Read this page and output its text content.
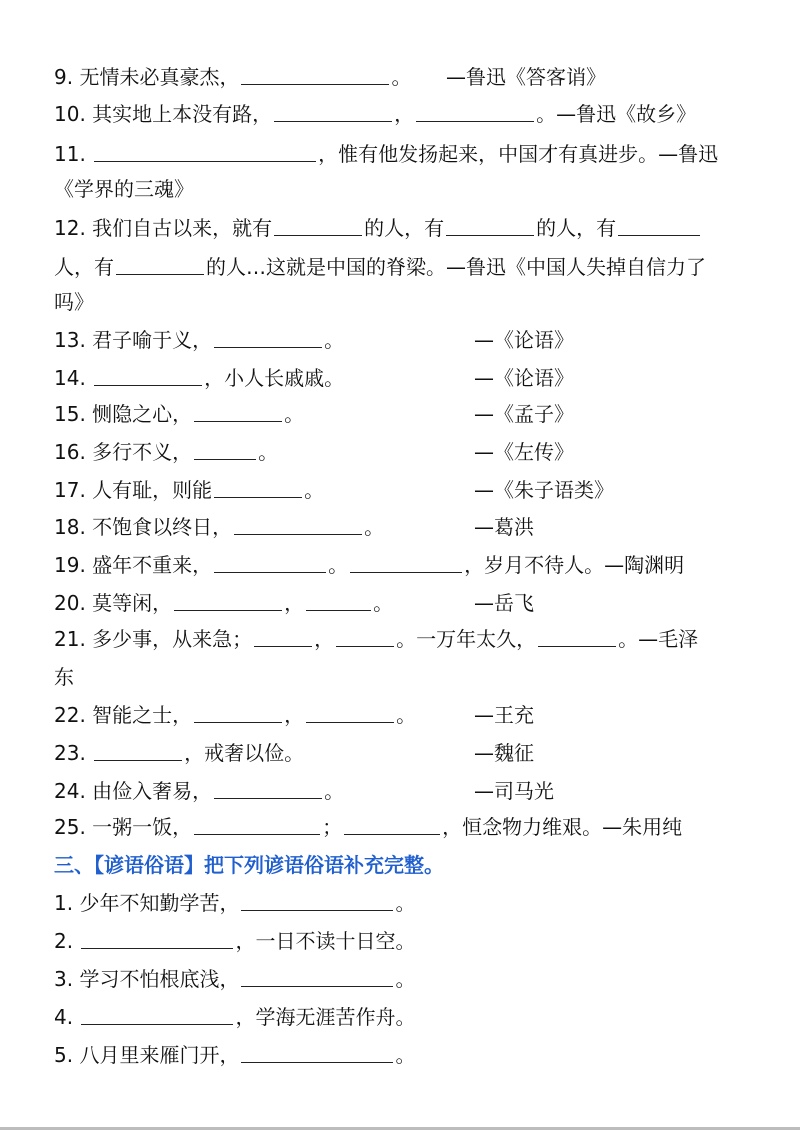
9. 无情未必真豪杰，	。 —鲁迅《答客诮》
10. 其实地上本没有路，	，	。—鲁迅《故乡》
11.	，惟有他发扬起来，中国才有真进步。—鲁迅
《学界的三魂》
12. 我们自古以来，就有	的人，有	的人，有
人，有	的人…这就是中国的脊梁。—鲁迅《中国人失掉自信力了
吗》
13. 君子喻于义，	。	—《论语》
14.	，小人长戚戚。	—《论语》
15. 恻隐之心，	。	—《孟子》
16. 多行不义，	。	—《左传》
17. 人有耻，则能	。	—《朱子语类》
18. 不饱食以终日，	。	—葛洪
19. 盛年不重来，	。	，岁月不待人。—陶渊明
20. 莫等闲，	，	。	—岳飞
21. 多少事，从来急；	，	。一万年太久，	。—毛泽
东
22. 智能之士，	，	。	—王充
23.	，戒奢以俭。	—魏征
24. 由俭入奢易，	。	—司马光
25. 一粥一饭，	；	，恒念物力维艰。—朱用纯
三、【谚语俗语】把下列谚语俗语补充完整。
1. 少年不知勤学苦，	。
2.	，一日不读十日空。
3. 学习不怕根底浅，	。
4.	，学海无涯苦作舟。
5. 八月里来雁门开，	。
